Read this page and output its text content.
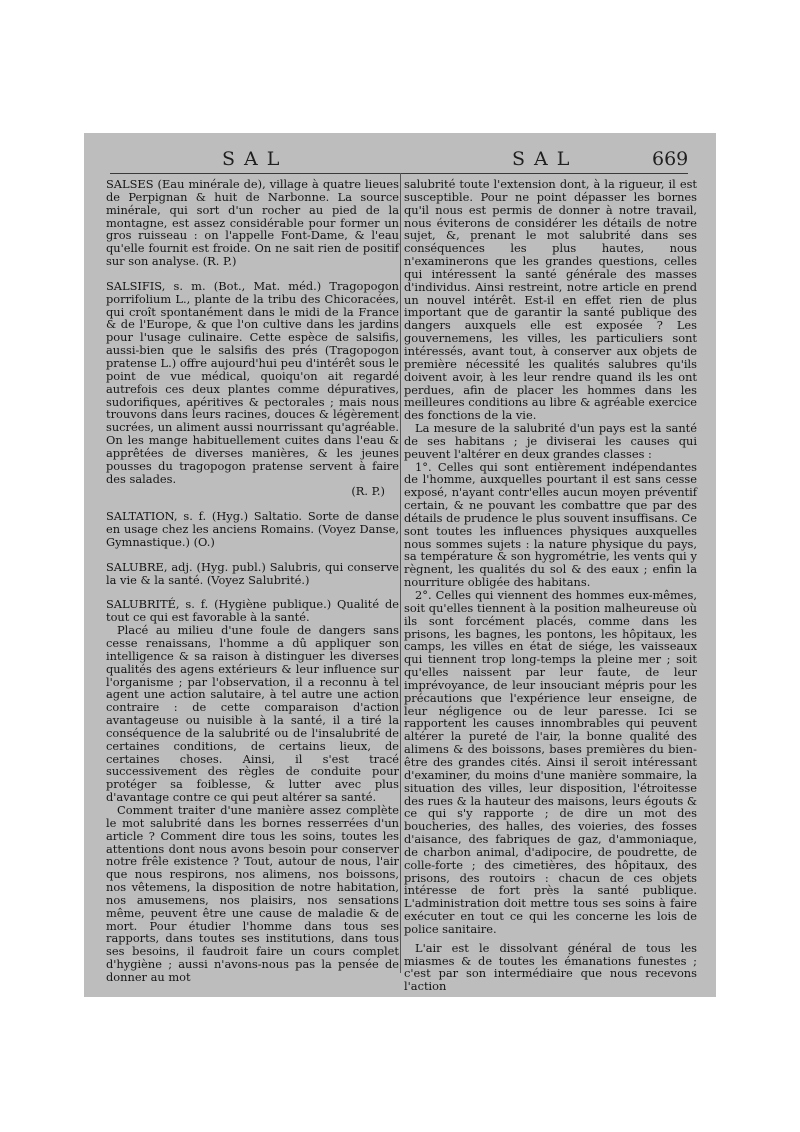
SAL	SAL	669

SALSES (Eau minérale de), village à quatre lieues de Perpignan & huit de Narbonne. La source minérale, qui sort d'un rocher au pied de la montagne, est assez considérable pour former un gros ruisseau : on l'appelle Font-Dame, & l'eau qu'elle fournit est froide. On ne sait rien de positif sur son analyse. (R. P.)

SALSIFIS, s. m. (Bot., Mat. méd.) Tragopogon porrifolium L., plante de la tribu des Chicoracées, qui croît spontanément dans le midi de la France & de l'Europe, & que l'on cultive dans les jardins pour l'usage culinaire. Cette espèce de salsifis, aussi-bien que le salsifis des prés (Tragopogon pratense L.) offre aujourd'hui peu d'intérêt sous le point de vue médical, quoiqu'on ait regardé autrefois ces deux plantes comme dépuratives, sudorifiques, apéritives & pectorales ; mais nous trouvons dans leurs racines, douces & légèrement sucrées, un aliment aussi nourrissant qu'agréable. On les mange habituellement cuites dans l'eau & apprêtées de diverses manières, & les jeunes pousses du tragopogon pratense servent à faire des salades.

(R. P.)

SALTATION, s. f. (Hyg.) Saltatio. Sorte de danse en usage chez les anciens Romains. (Voyez Danse, Gymnastique.) (O.)

SALUBRE, adj. (Hyg. publ.) Salubris, qui conserve la vie & la santé. (Voyez Salubrité.)

SALUBRITÉ, s. f. (Hygiène publique.) Qualité de tout ce qui est favorable à la santé.

Placé au milieu d'une foule de dangers sans cesse renaissans, l'homme a dû appliquer son intelligence & sa raison à distinguer les diverses qualités des agens extérieurs & leur influence sur l'organisme ; par l'observation, il a reconnu à tel agent une action salutaire, à tel autre une action contraire : de cette comparaison d'action avantageuse ou nuisible à la santé, il a tiré la conséquence de la salubrité ou de l'insalubrité de certaines conditions, de certains lieux, de certaines choses. Ainsi, il s'est tracé successivement des règles de conduite pour protéger sa foiblesse, & lutter avec plus d'avantage contre ce qui peut altérer sa santé.

Comment traiter d'une manière assez complète le mot salubrité dans les bornes resserrées d'un article ? Comment dire tous les soins, toutes les attentions dont nous avons besoin pour conserver notre frêle existence ? Tout, autour de nous, l'air que nous respirons, nos alimens, nos boissons, nos vêtemens, la disposition de notre habitation, nos amusemens, nos plaisirs, nos sensations même, peuvent être une cause de maladie & de mort. Pour étudier l'homme dans tous ses rapports, dans toutes ses institutions, dans tous ses besoins, il faudroit faire un cours complet d'hygiène ; aussi n'avons-nous pas la pensée de donner au mot

salubrité toute l'extension dont, à la rigueur, il est susceptible. Pour ne point dépasser les bornes qu'il nous est permis de donner à notre travail, nous éviterons de considérer les détails de notre sujet, &, prenant le mot salubrité dans ses conséquences les plus hautes, nous n'examinerons que les grandes questions, celles qui intéressent la santé générale des masses d'individus. Ainsi restreint, notre article en prend un nouvel intérêt. Est-il en effet rien de plus important que de garantir la santé publique des dangers auxquels elle est exposée ? Les gouvernemens, les villes, les particuliers sont intéressés, avant tout, à conserver aux objets de première nécessité les qualités salubres qu'ils doivent avoir, à les leur rendre quand ils les ont perdues, afin de placer les hommes dans les meilleures conditions au libre & agréable exercice des fonctions de la vie.

La mesure de la salubrité d'un pays est la santé de ses habitans ; je diviserai les causes qui peuvent l'altérer en deux grandes classes :

1°. Celles qui sont entièrement indépendantes de l'homme, auxquelles pourtant il est sans cesse exposé, n'ayant contr'elles aucun moyen préventif certain, & ne pouvant les combattre que par des détails de prudence le plus souvent insuffisans. Ce sont toutes les influences physiques auxquelles nous sommes sujets : la nature physique du pays, sa température & son hygrométrie, les vents qui y règnent, les qualités du sol & des eaux ; enfin la nourriture obligée des habitans.

2°. Celles qui viennent des hommes eux-mêmes, soit qu'elles tiennent à la position malheureuse où ils sont forcément placés, comme dans les prisons, les bagnes, les pontons, les hôpitaux, les camps, les villes en état de siége, les vaisseaux qui tiennent trop long-temps la pleine mer ; soit qu'elles naissent par leur faute, de leur imprévoyance, de leur insouciant mépris pour les précautions que l'expérience leur enseigne, de leur négligence ou de leur paresse. Ici se rapportent les causes innombrables qui peuvent altérer la pureté de l'air, la bonne qualité des alimens & des boissons, bases premières du bien-être des grandes cités. Ainsi il seroit intéressant d'examiner, du moins d'une manière sommaire, la situation des villes, leur disposition, l'étroitesse des rues & la hauteur des maisons, leurs égouts & ce qui s'y rapporte ; de dire un mot des boucheries, des halles, des voieries, des fosses d'aisance, des fabriques de gaz, d'ammoniaque, de charbon animal, d'adipocire, de poudrette, de colle-forte ; des cimetières, des hôpitaux, des prisons, des routoirs : chacun de ces objets intéresse de fort près la santé publique. L'administration doit mettre tous ses soins à faire exécuter en tout ce qui les concerne les lois de police sanitaire.

L'air est le dissolvant général de tous les miasmes & de toutes les émanations funestes ; c'est par son intermédiaire que nous recevons l'action
